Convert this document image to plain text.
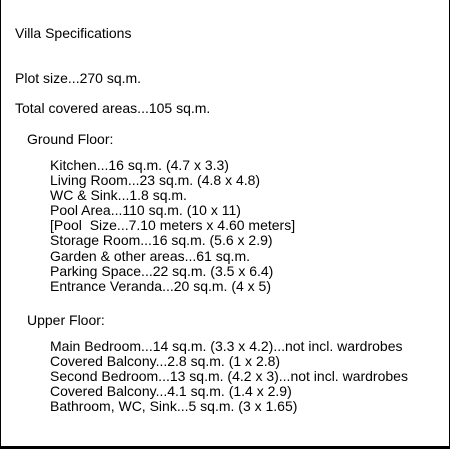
Villa Specifications
Plot size...270 sq.m.
Total covered areas...105 sq.m.
Ground Floor:
Kitchen...16 sq.m. (4.7 x 3.3)
Living Room...23 sq.m. (4.8 x 4.8)
WC & Sink...1.8 sq.m.
Pool Area...110 sq.m. (10 x 11)
[Pool  Size...7.10 meters x 4.60 meters]
Storage Room...16 sq.m. (5.6 x 2.9)
Garden & other areas...61 sq.m.
Parking Space...22 sq.m. (3.5 x 6.4)
Entrance Veranda...20 sq.m. (4 x 5)
Upper Floor:
Main Bedroom...14 sq.m. (3.3 x 4.2)...not incl. wardrobes
Covered Balcony...2.8 sq.m. (1 x 2.8)
Second Bedroom...13 sq.m. (4.2 x 3)...not incl. wardrobes
Covered Balcony...4.1 sq.m. (1.4 x 2.9)
Bathroom, WC, Sink...5 sq.m. (3 x 1.65)
